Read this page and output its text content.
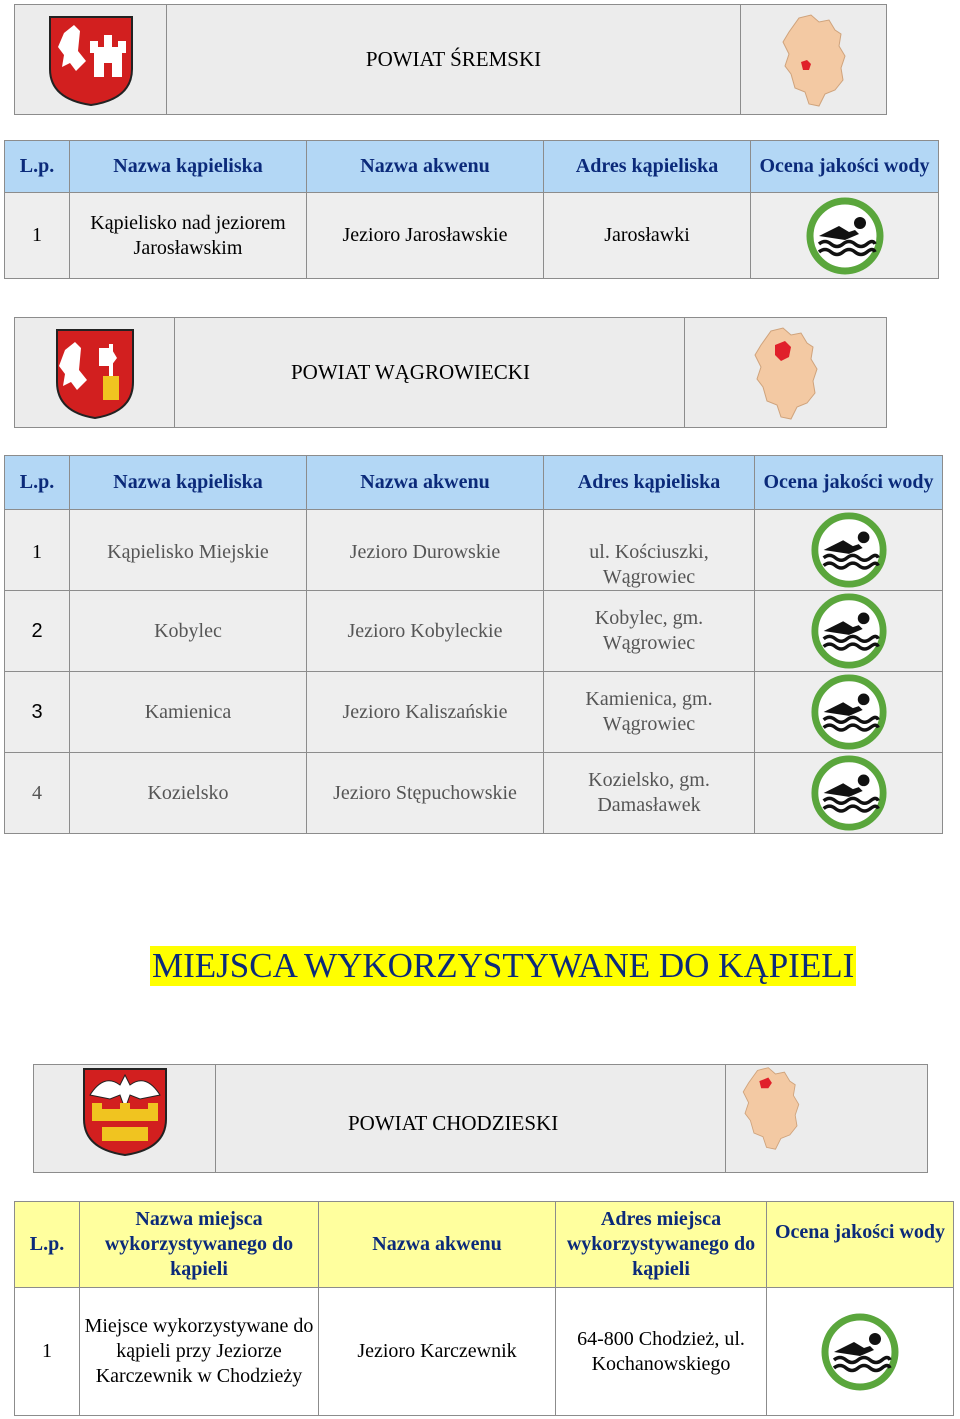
	POWIAT ŚREMSKI	
L.p.	Nazwa kąpieliska	Nazwa akwenu	Adres kąpieliska	Ocena jakości wody
1	Kąpielisko nad jeziorem Jarosławskim	Jezioro Jarosławskie	Jarosławki	
	POWIAT WĄGROWIECKI	
L.p.	Nazwa kąpieliska	Nazwa akwenu	Adres kąpieliska	Ocena jakości wody
1	Kąpielisko Miejskie	Jezioro Durowskie	ul. Kościuszki, Wągrowiec	

2	Kobylec	Jezioro Kobyleckie	Kobylec, gm. Wągrowiec	

3	Kamienica	Jezioro Kaliszańskie	Kamienica, gm. Wągrowiec	

4	Kozielsko	Jezioro Stępuchowskie	Kozielsko, gm. Damasławek	
MIEJSCA WYKORZYSTYWANE DO KĄPIELI
	POWIAT CHODZIESKI	
L.p.	Nazwa miejsca wykorzystywanego do kąpieli	Nazwa akwenu	Adres miejsca wykorzystywanego do kąpieli	Ocena jakości wody
1	Miejsce wykorzystywane do kąpieli przy Jeziorze Karczewnik w Chodzieży	Jezioro Karczewnik	64-800 Chodzież, ul. Kochanowskiego	
